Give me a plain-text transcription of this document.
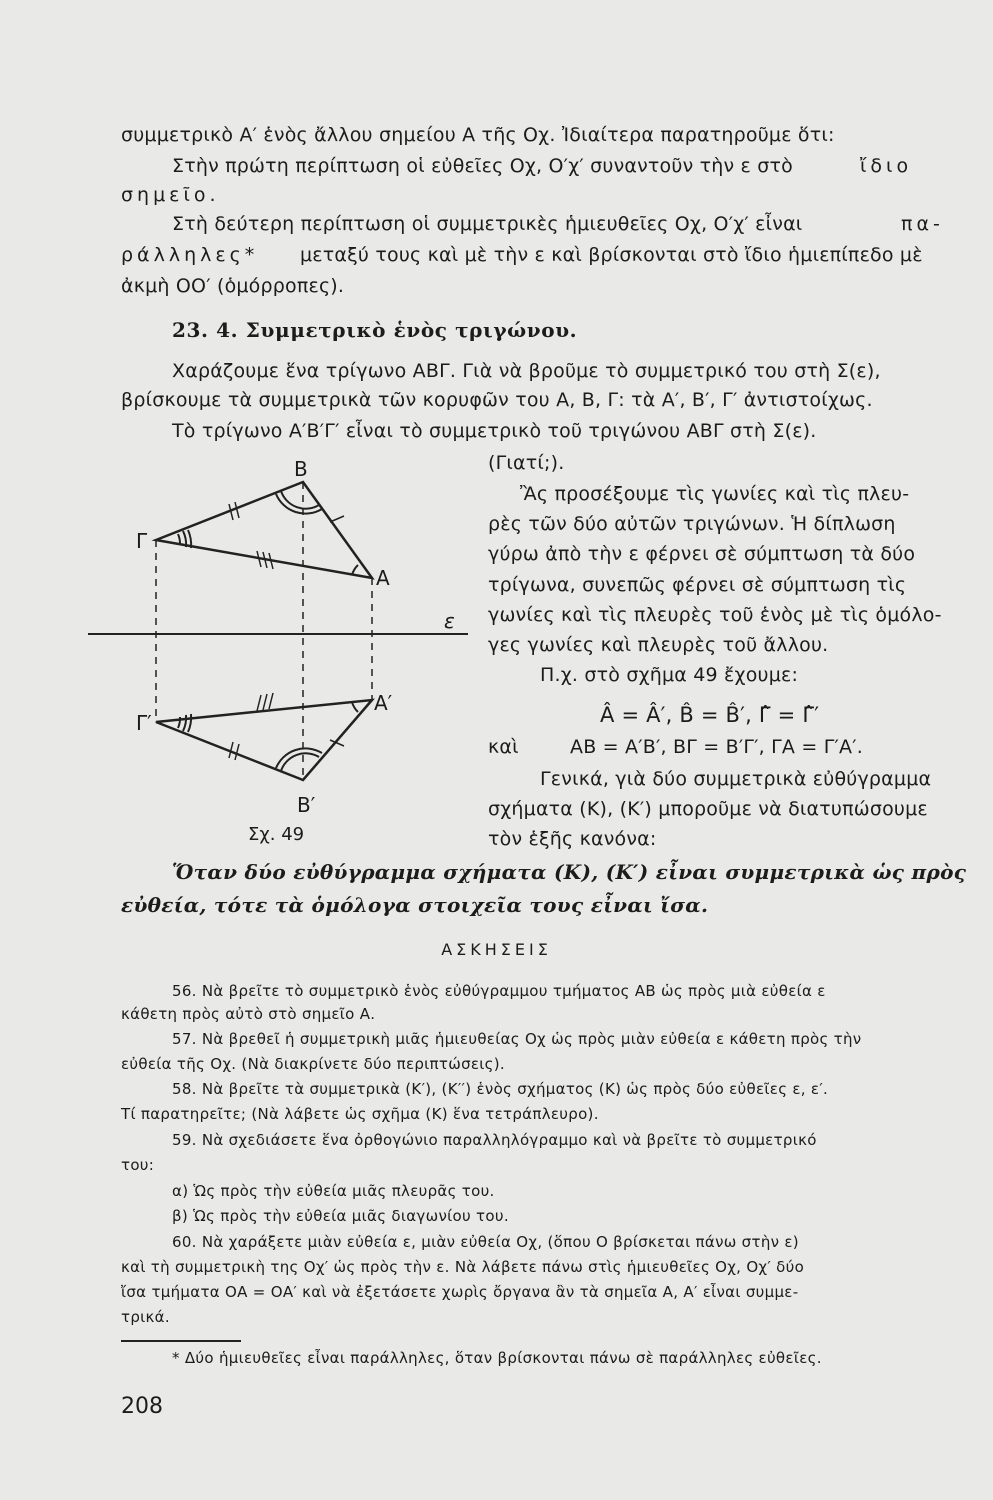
συμμετρικὸ Α′ ἑνὸς ἄλλου σημείου Α τῆς Οχ. Ἰδιαίτερα παρατηροῦμε ὅτι:
Στὴν πρώτη περίπτωση οἱ εὐθεῖες Οχ, Ο′χ′ συναντοῦν τὴν ε στὸ	ἴδιο
σημεῖο.
Στὴ δεύτερη περίπτωση οἱ συμμετρικὲς ἡμιευθεῖες Οχ, Ο′χ′ εἶναι	πα-
ράλληλες* μεταξύ τους καὶ μὲ τὴν ε καὶ βρίσκονται στὸ ἴδιο ἡμιεπίπεδο μὲ
ἀκμὴ ΟΟ′ (ὁμόρροπες).
23. 4. Συμμετρικὸ ἑνὸς τριγώνου.
Χαράζουμε ἕνα τρίγωνο ΑΒΓ. Γιὰ νὰ βροῦμε τὸ συμμετρικό του στὴ Σ(ε),
βρίσκουμε τὰ συμμετρικὰ τῶν κορυφῶν του Α, Β, Γ: τὰ Α′, Β′, Γ′ ἀντιστοίχως.
Τὸ τρίγωνο Α′Β′Γ′ εἶναι τὸ συμμετρικὸ τοῦ τριγώνου ΑΒΓ στὴ Σ(ε).
(Γιατί;).
Ἂς προσέξουμε τὶς γωνίες καὶ τὶς πλευ-
ρὲς τῶν δύο αὐτῶν τριγώνων. Ἡ δίπλωση
γύρω ἀπὸ τὴν ε φέρνει σὲ σύμπτωση τὰ δύο
τρίγωνα, συνεπῶς φέρνει σὲ σύμπτωση τὶς
γωνίες καὶ τὶς πλευρὲς τοῦ ἑνὸς μὲ τὶς ὁμόλο-
γες γωνίες καὶ πλευρὲς τοῦ ἄλλου.
Π.χ. στὸ σχῆμα 49 ἔχουμε:
Â = Â′, B̂ = B̂′, Γ̂ = Γ̂′
καὶ	ΑΒ = Α′Β′, ΒΓ = Β′Γ′, ΓΑ = Γ′Α′.
Γενικά, γιὰ δύο συμμετρικὰ εὐθύγραμμα
σχήματα (Κ), (Κ′) μποροῦμε νὰ διατυπώσουμε
τὸν ἑξῆς κανόνα:
Ὅταν δύο εὐθύγραμμα σχήματα (Κ), (Κ′) εἶναι συμμετρικὰ ὡς πρὸς
εὐθεία, τότε τὰ ὁμόλογα στοιχεῖα τους εἶναι ἴσα.
B
Γ
A
ε
Γ′
Α′
Β′
Σχ. 49
ΑΣΚΗΣΕΙΣ
56. Νὰ βρεῖτε τὸ συμμετρικὸ ἑνὸς εὐθύγραμμου τμήματος ΑΒ ὡς πρὸς μιὰ εὐθεία ε
κάθετη πρὸς αὐτὸ στὸ σημεῖο Α.
57. Νὰ βρεθεῖ ἡ συμμετρικὴ μιᾶς ἡμιευθείας Οχ ὡς πρὸς μιὰν εὐθεία ε κάθετη πρὸς τὴν
εὐθεία τῆς Οχ. (Νὰ διακρίνετε δύο περιπτώσεις).
58. Νὰ βρεῖτε τὰ συμμετρικὰ (Κ′), (Κ′′) ἑνὸς σχήματος (Κ) ὡς πρὸς δύο εὐθεῖες ε, ε′.
Τί παρατηρεῖτε; (Νὰ λάβετε ὡς σχῆμα (Κ) ἕνα τετράπλευρο).
59. Νὰ σχεδιάσετε ἕνα ὀρθογώνιο παραλληλόγραμμο καὶ νὰ βρεῖτε τὸ συμμετρικό
του:
α) Ὡς πρὸς τὴν εὐθεία μιᾶς πλευρᾶς του.
β) Ὡς πρὸς τὴν εὐθεία μιᾶς διαγωνίου του.
60. Νὰ χαράξετε μιὰν εὐθεία ε, μιὰν εὐθεία Οχ, (ὅπου Ο βρίσκεται πάνω στὴν ε)
καὶ τὴ συμμετρικὴ της Οχ′ ὡς πρὸς τὴν ε. Νὰ λάβετε πάνω στὶς ἡμιευθεῖες Οχ, Οχ′ δύο
ἴσα τμήματα ΟΑ = ΟΑ′ καὶ νὰ ἐξετάσετε χωρὶς ὄργανα ἂν τὰ σημεῖα Α, Α′ εἶναι συμμε-
τρικά.
* Δύο ἡμιευθεῖες εἶναι παράλληλες, ὅταν βρίσκονται πάνω σὲ παράλληλες εὐθεῖες.
208
